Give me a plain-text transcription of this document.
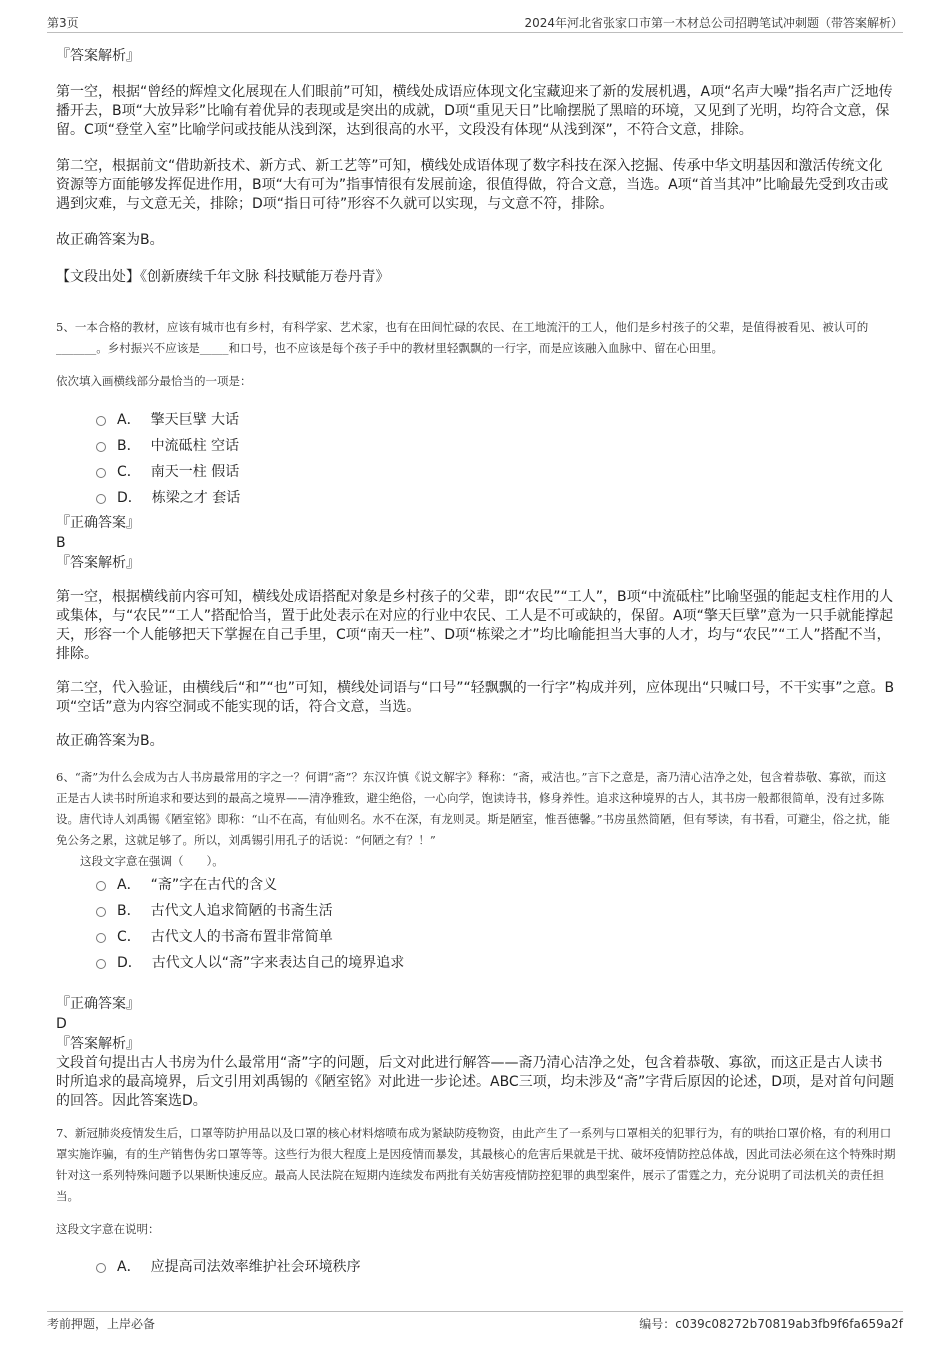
第3页	2024年河北省张家口市第一木材总公司招聘笔试冲刺题（带答案解析）

『答案解析』

第一空，根据“曾经的辉煌文化展现在人们眼前”可知，横线处成语应体现文化宝藏迎来了新的发展机遇，A项“名声大噪”指名声广泛地传播开去，B项“大放异彩”比喻有着优异的表现或是突出的成就，D项“重见天日”比喻摆脱了黑暗的环境，又见到了光明，均符合文意，保留。C项“登堂入室”比喻学问或技能从浅到深，达到很高的水平，文段没有体现“从浅到深”，不符合文意，排除。

第二空，根据前文“借助新技术、新方式、新工艺等”可知，横线处成语体现了数字科技在深入挖掘、传承中华文明基因和激活传统文化资源等方面能够发挥促进作用，B项“大有可为”指事情很有发展前途，很值得做，符合文意，当选。A项“首当其冲”比喻最先受到攻击或遇到灾难，与文意无关，排除；D项“指日可待”形容不久就可以实现，与文意不符，排除。

故正确答案为B。

【文段出处】《创新赓续千年文脉 科技赋能万卷丹青》

5、一本合格的教材，应该有城市也有乡村，有科学家、艺术家，也有在田间忙碌的农民、在工地流汗的工人，他们是乡村孩子的父辈，是值得被看见、被认可的_______。乡村振兴不应该是_____和口号，也不应该是每个孩子手中的教材里轻飘飘的一行字，而是应该融入血脉中、留在心田里。

依次填入画横线部分最恰当的一项是：

A． 擎天巨擘 大话
B． 中流砥柱 空话
C． 南天一柱 假话
D． 栋梁之才 套话

『正确答案』

B

『答案解析』

第一空，根据横线前内容可知，横线处成语搭配对象是乡村孩子的父辈，即“农民”“工人”，B项“中流砥柱”比喻坚强的能起支柱作用的人或集体，与“农民”“工人”搭配恰当，置于此处表示在对应的行业中农民、工人是不可或缺的，保留。A项“擎天巨擘”意为一只手就能撑起天，形容一个人能够把天下掌握在自己手里，C项“南天一柱”、D项“栋梁之才”均比喻能担当大事的人才，均与“农民”“工人”搭配不当，排除。

第二空，代入验证，由横线后“和”“也”可知，横线处词语与“口号”“轻飘飘的一行字”构成并列，应体现出“只喊口号，不干实事”之意。B项“空话”意为内容空洞或不能实现的话，符合文意，当选。

故正确答案为B。

6、“斋”为什么会成为古人书房最常用的字之一？何谓“斋”？东汉许慎《说文解字》释称：“斋，戒洁也。”言下之意是，斋乃清心洁净之处，包含着恭敬、寡欲，而这正是古人读书时所追求和要达到的最高之境界——清净雅致，避尘绝俗，一心向学，饱读诗书，修身养性。追求这种境界的古人，其书房一般都很简单，没有过多陈设。唐代诗人刘禹锡《陋室铭》即称：“山不在高，有仙则名。水不在深，有龙则灵。斯是陋室，惟吾德馨。”书房虽然简陋，但有琴读，有书看，可避尘，俗之扰，能免公务之累，这就足够了。所以，刘禹锡引用孔子的话说：“何陋之有？！”

这段文字意在强调（　　）。

A． “斋”字在古代的含义
B． 古代文人追求简陋的书斋生活
C． 古代文人的书斋布置非常简单
D． 古代文人以“斋”字来表达自己的境界追求

『正确答案』

D

『答案解析』

文段首句提出古人书房为什么最常用“斋”字的问题，后文对此进行解答——斋乃清心洁净之处，包含着恭敬、寡欲，而这正是古人读书时所追求的最高境界，后文引用刘禹锡的《陋室铭》对此进一步论述。ABC三项，均未涉及“斋”字背后原因的论述，D项，是对首句问题的回答。因此答案选D。

7、新冠肺炎疫情发生后，口罩等防护用品以及口罩的核心材料熔喷布成为紧缺防疫物资，由此产生了一系列与口罩相关的犯罪行为，有的哄抬口罩价格，有的利用口罩实施诈骗，有的生产销售伪劣口罩等等。这些行为很大程度上是因疫情而暴发，其最核心的危害后果就是干扰、破坏疫情防控总体战，因此司法必须在这个特殊时期针对这一系列特殊问题予以果断快速反应。最高人民法院在短期内连续发布两批有关妨害疫情防控犯罪的典型案件，展示了雷霆之力，充分说明了司法机关的责任担当。

这段文字意在说明：

A． 应提高司法效率维护社会环境秩序
考前押题，上岸必备	编号：c039c08272b70819ab3fb9f6fa659a2f
